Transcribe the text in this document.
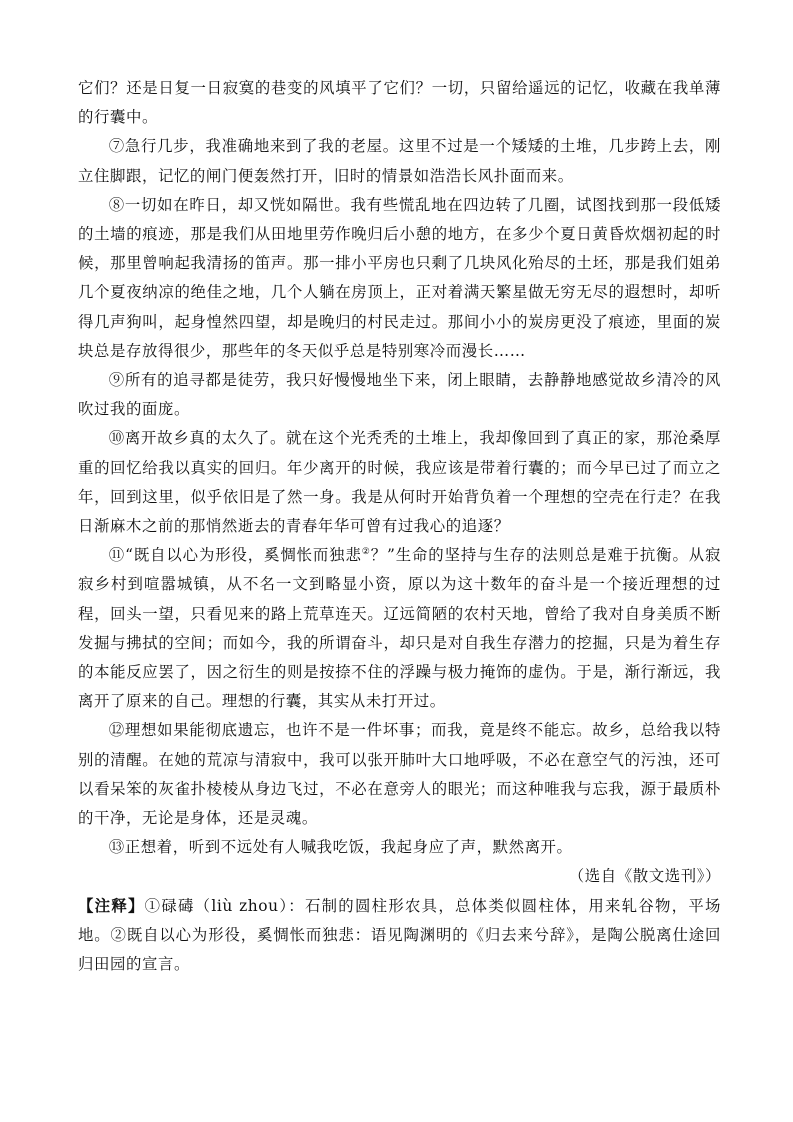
它们？还是日复一日寂寞的巷变的风填平了它们？一切，只留给遥远的记忆，收藏在我单薄的行囊中。

⑦急行几步，我准确地来到了我的老屋。这里不过是一个矮矮的土堆，几步跨上去，刚立住脚跟，记忆的闸门便轰然打开，旧时的情景如浩浩长风扑面而来。

⑧一切如在昨日，却又恍如隔世。我有些慌乱地在四边转了几圈，试图找到那一段低矮的土墙的痕迹，那是我们从田地里劳作晚归后小憩的地方，在多少个夏日黄昏炊烟初起的时候，那里曾响起我清扬的笛声。那一排小平房也只剩了几块风化殆尽的土坯，那是我们姐弟几个夏夜纳凉的绝佳之地，几个人躺在房顶上，正对着满天繁星做无穷无尽的遐想时，却听得几声狗叫，起身惶然四望，却是晚归的村民走过。那间小小的炭房更没了痕迹，里面的炭块总是存放得很少，那些年的冬天似乎总是特别寒冷而漫长……

⑨所有的追寻都是徒劳，我只好慢慢地坐下来，闭上眼睛，去静静地感觉故乡清冷的风吹过我的面庞。

⑩离开故乡真的太久了。就在这个光秃秃的土堆上，我却像回到了真正的家，那沧桑厚重的回忆给我以真实的回归。年少离开的时候，我应该是带着行囊的；而今早已过了而立之年，回到这里，似乎依旧是了然一身。我是从何时开始背负着一个理想的空壳在行走？在我日渐麻木之前的那悄然逝去的青春年华可曾有过我心的追逐？

⑪“既自以心为形役，奚惆怅而独悲②？”生命的坚持与生存的法则总是难于抗衡。从寂寂乡村到喧嚣城镇，从不名一文到略显小资，原以为这十数年的奋斗是一个接近理想的过程，回头一望，只看见来的路上荒草连天。辽远简陋的农村天地，曾给了我对自身美质不断发掘与拂拭的空间；而如今，我的所谓奋斗，却只是对自我生存潜力的挖掘，只是为着生存的本能反应罢了，因之衍生的则是按捺不住的浮躁与极力掩饰的虚伪。于是，渐行渐远，我离开了原来的自己。理想的行囊，其实从未打开过。

⑫理想如果能彻底遗忘，也许不是一件坏事；而我，竟是终不能忘。故乡，总给我以特别的清醒。在她的荒凉与清寂中，我可以张开肺叶大口地呼吸，不必在意空气的污浊，还可以看呆笨的灰雀扑棱棱从身边飞过，不必在意旁人的眼光；而这种唯我与忘我，源于最质朴的干净，无论是身体，还是灵魂。

⑬正想着，听到不远处有人喊我吃饭，我起身应了声，默然离开。

（选自《散文选刊》）

【注释】①碌碡（liù zhou）：石制的圆柱形农具，总体类似圆柱体，用来轧谷物，平场地。②既自以心为形役，奚惆怅而独悲：语见陶渊明的《归去来兮辞》，是陶公脱离仕途回归田园的宣言。
